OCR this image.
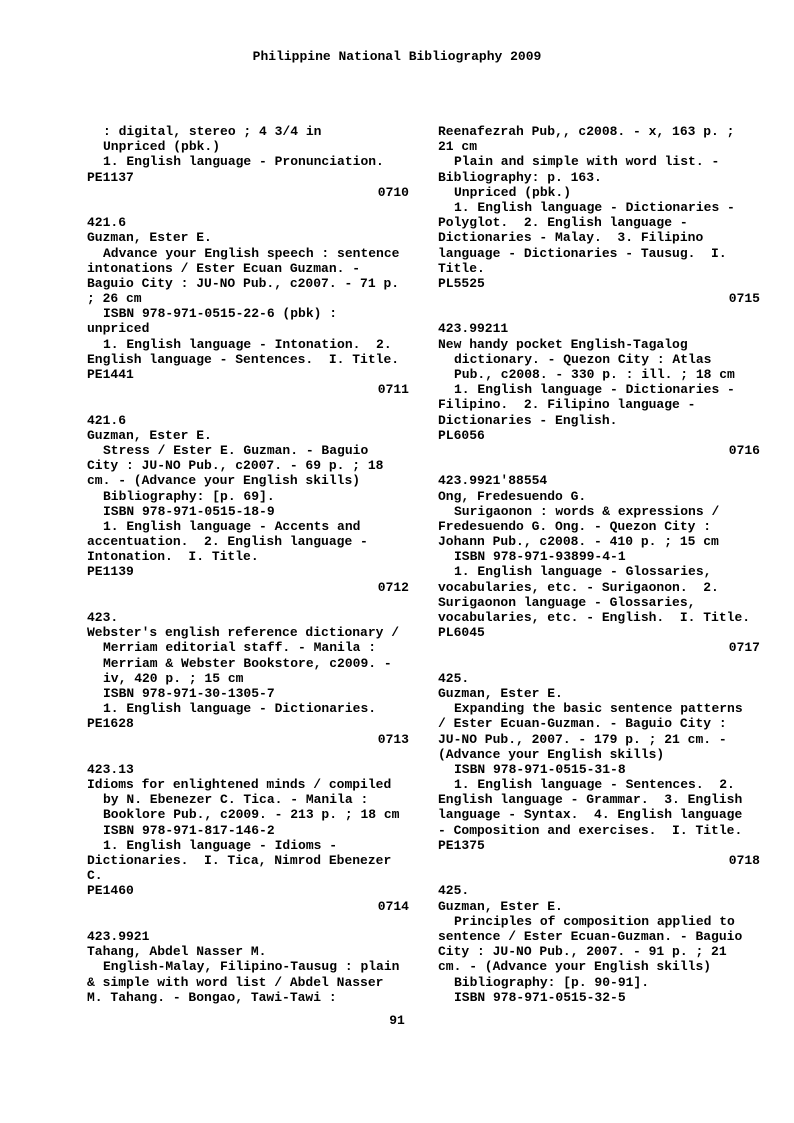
Philippine National Bibliography 2009
: digital, stereo ; 4 3/4 in
Unpriced (pbk.)
1. English language - Pronunciation.
PE1137
0710
421.6
Guzman, Ester E.
Advance your English speech : sentence
intonations / Ester Ecuan Guzman. -
Baguio City : JU-NO Pub., c2007. - 71 p.
; 26 cm
ISBN 978-971-0515-22-6 (pbk) :
unpriced
1. English language - Intonation.  2.
English language - Sentences.  I. Title.
PE1441
0711
421.6
Guzman, Ester E.
Stress / Ester E. Guzman. - Baguio
City : JU-NO Pub., c2007. - 69 p. ; 18
cm. - (Advance your English skills)
Bibliography: [p. 69].
ISBN 978-971-0515-18-9
1. English language - Accents and
accentuation.  2. English language -
Intonation.  I. Title.
PE1139
0712
423.
Webster's english reference dictionary /
Merriam editorial staff. - Manila :
Merriam & Webster Bookstore, c2009. -
iv, 420 p. ; 15 cm
ISBN 978-971-30-1305-7
1. English language - Dictionaries.
PE1628
0713
423.13
Idioms for enlightened minds / compiled
by N. Ebenezer C. Tica. - Manila :
Booklore Pub., c2009. - 213 p. ; 18 cm
ISBN 978-971-817-146-2
1. English language - Idioms -
Dictionaries.  I. Tica, Nimrod Ebenezer
C.
PE1460
0714
423.9921
Tahang, Abdel Nasser M.
English-Malay, Filipino-Tausug : plain
& simple with word list / Abdel Nasser
M. Tahang. - Bongao, Tawi-Tawi :
Reenafezrah Pub,, c2008. - x, 163 p. ;
21 cm
Plain and simple with word list. -
Bibliography: p. 163.
Unpriced (pbk.)
1. English language - Dictionaries -
Polyglot.  2. English language -
Dictionaries - Malay.  3. Filipino
language - Dictionaries - Tausug.  I.
Title.
PL5525
0715
423.99211
New handy pocket English-Tagalog
dictionary. - Quezon City : Atlas
Pub., c2008. - 330 p. : ill. ; 18 cm
1. English language - Dictionaries -
Filipino.  2. Filipino language -
Dictionaries - English.
PL6056
0716
423.9921'88554
Ong, Fredesuendo G.
Surigaonon : words & expressions /
Fredesuendo G. Ong. - Quezon City :
Johann Pub., c2008. - 410 p. ; 15 cm
ISBN 978-971-93899-4-1
1. English language - Glossaries,
vocabularies, etc. - Surigaonon.  2.
Surigaonon language - Glossaries,
vocabularies, etc. - English.  I. Title.
PL6045
0717
425.
Guzman, Ester E.
Expanding the basic sentence patterns
/ Ester Ecuan-Guzman. - Baguio City :
JU-NO Pub., 2007. - 179 p. ; 21 cm. -
(Advance your English skills)
ISBN 978-971-0515-31-8
1. English language - Sentences.  2.
English language - Grammar.  3. English
language - Syntax.  4. English language
- Composition and exercises.  I. Title.
PE1375
0718
425.
Guzman, Ester E.
Principles of composition applied to
sentence / Ester Ecuan-Guzman. - Baguio
City : JU-NO Pub., 2007. - 91 p. ; 21
cm. - (Advance your English skills)
Bibliography: [p. 90-91].
ISBN 978-971-0515-32-5
91
